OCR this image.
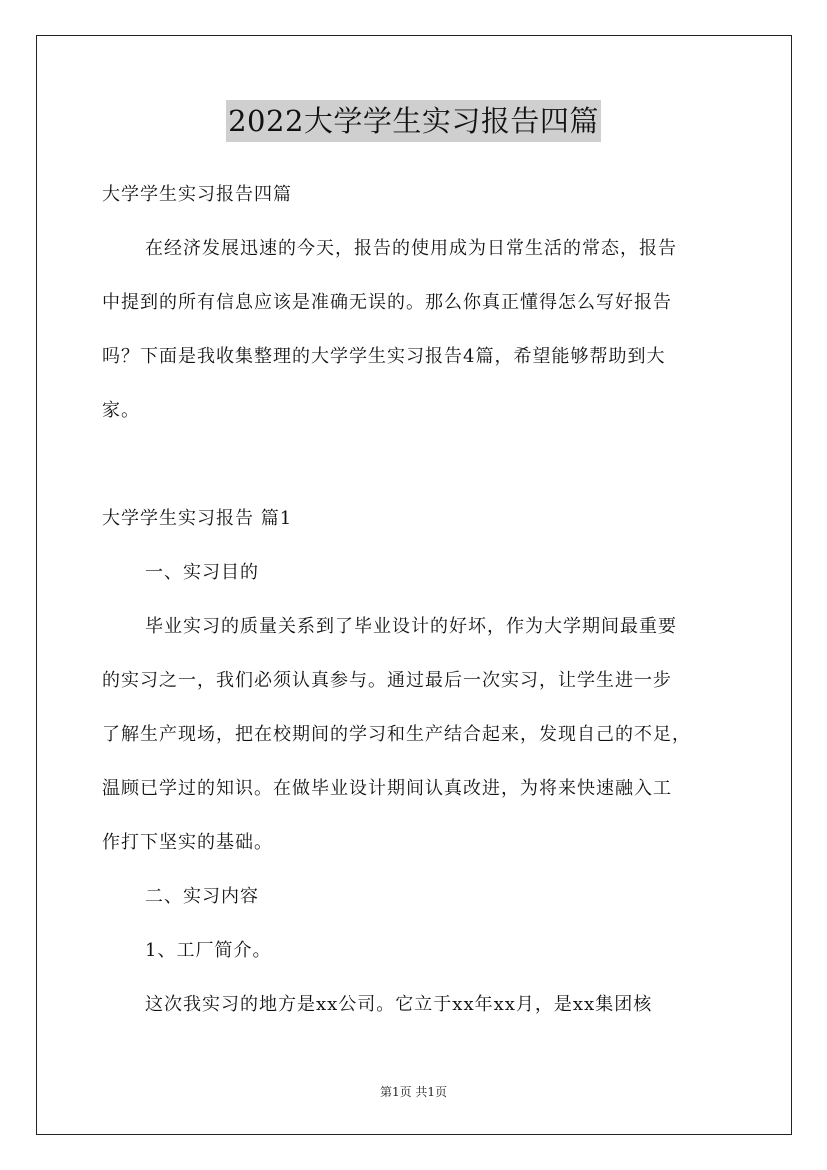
2022大学学生实习报告四篇
大学学生实习报告四篇
在经济发展迅速的今天，报告的使用成为日常生活的常态，报告
中提到的所有信息应该是准确无误的。那么你真正懂得怎么写好报告
吗？下面是我收集整理的大学学生实习报告4篇，希望能够帮助到大
家。
大学学生实习报告 篇1
一、实习目的
毕业实习的质量关系到了毕业设计的好坏，作为大学期间最重要
的实习之一，我们必须认真参与。通过最后一次实习，让学生进一步
了解生产现场，把在校期间的学习和生产结合起来，发现自己的不足，
温顾已学过的知识。在做毕业设计期间认真改进，为将来快速融入工
作打下坚实的基础。
二、实习内容
1、工厂简介。
这次我实习的地方是xx公司。它立于xx年xx月，是xx集团核
第1页 共1页
